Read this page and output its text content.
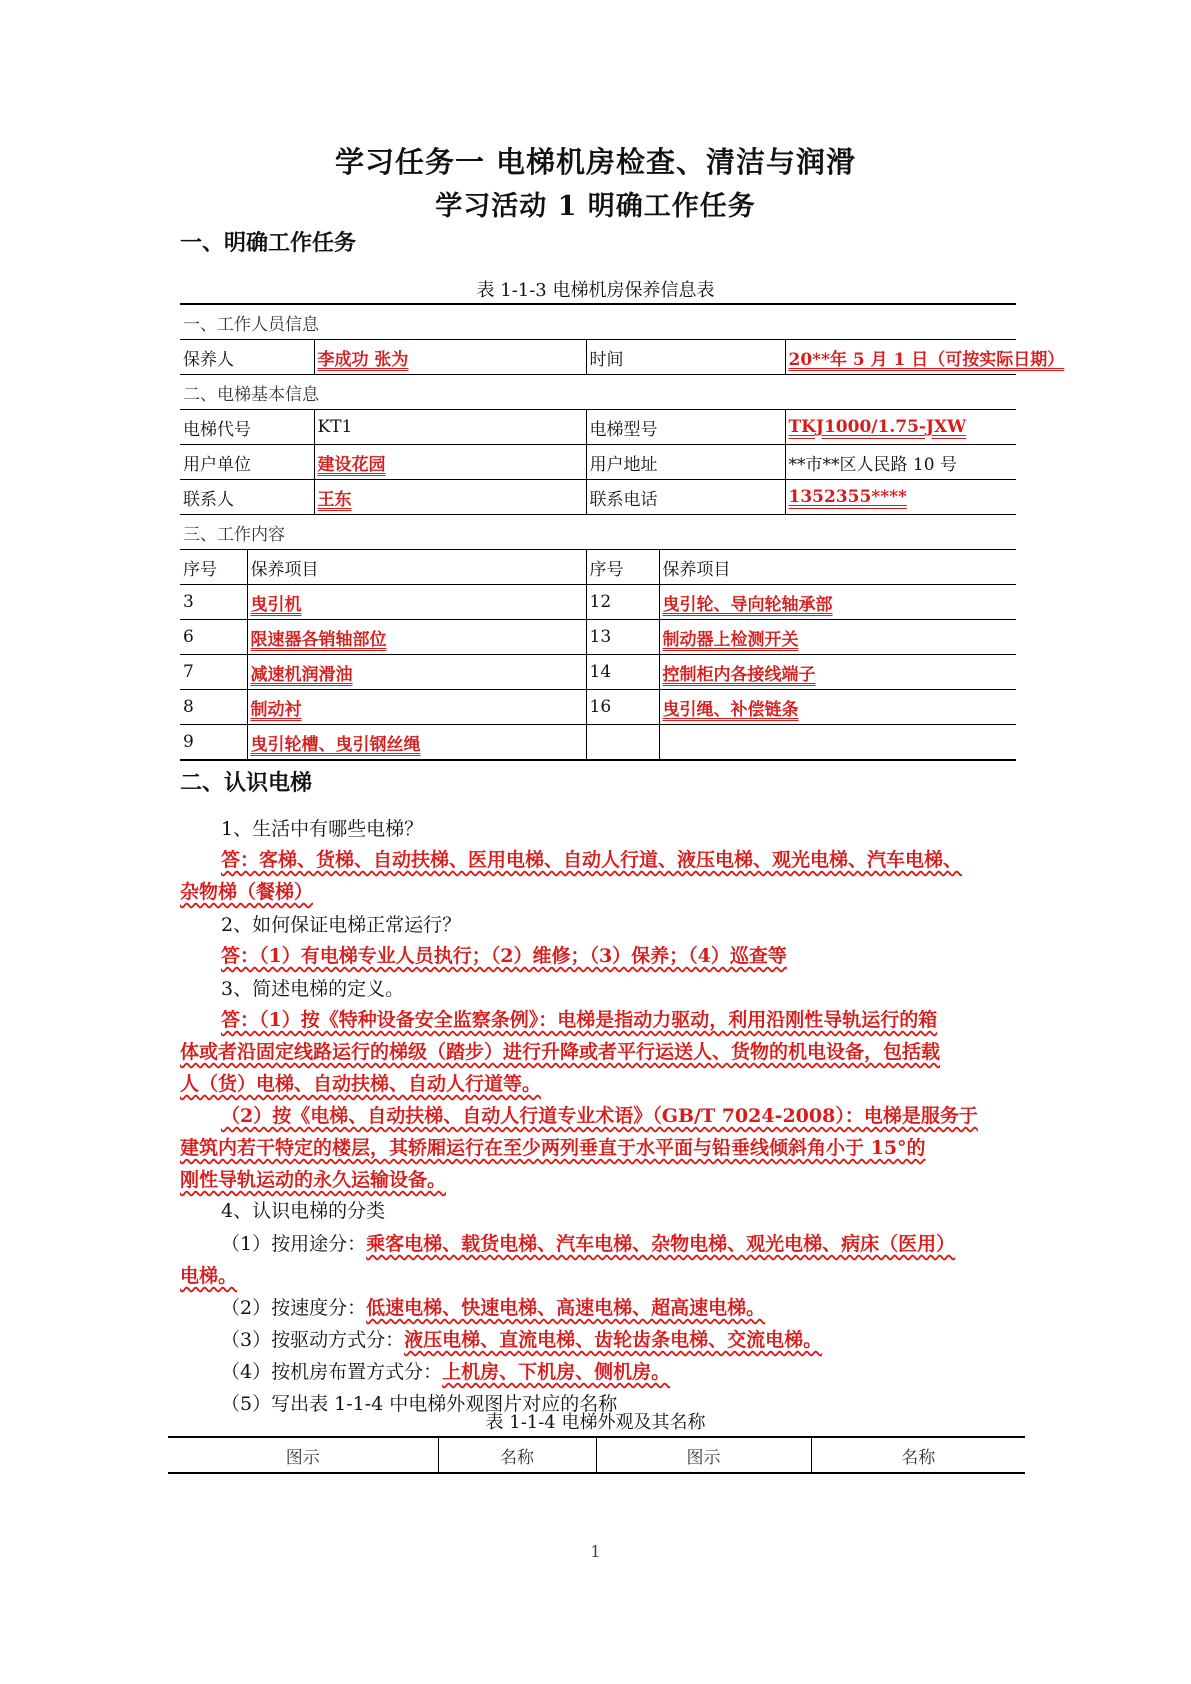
学习任务一 电梯机房检查、清洁与润滑
学习活动 1 明确工作任务
一、明确工作任务
表 1-1-3 电梯机房保养信息表
一、工作人员信息					
保养人		李成功 张为	时间		20**年 5 月 1 日（可按实际日期）
二、电梯基本信息					
电梯代号		KT1	电梯型号		TKJ1000/1.75-JXW
用户单位		建设花园	用户地址		**市**区人民路 10 号
联系人		王东	联系电话		1352355****
三、工作内容					
序号	保养项目		序号	保养项目	
3	曳引机		12	曳引轮、导向轮轴承部	
6	限速器各销轴部位		13	制动器上检测开关	
7	减速机润滑油		14	控制柜内各接线端子	
8	制动衬		16	曳引绳、补偿链条	
9	曳引轮槽、曳引钢丝绳				
二、认识电梯
1、生活中有哪些电梯？
答：客梯、货梯、自动扶梯、医用电梯、自动人行道、液压电梯、观光电梯、汽车电梯、
杂物梯（餐梯）
2、如何保证电梯正常运行？
答：（1）有电梯专业人员执行；（2）维修；（3）保养；（4）巡查等
3、简述电梯的定义。
答：（1）按《特种设备安全监察条例》：电梯是指动力驱动，利用沿刚性导轨运行的箱
体或者沿固定线路运行的梯级（踏步）进行升降或者平行运送人、货物的机电设备，包括载
人（货）电梯、自动扶梯、自动人行道等。
（2）按《电梯、自动扶梯、自动人行道专业术语》（GB/T 7024-2008）：电梯是服务于
建筑内若干特定的楼层，其轿厢运行在至少两列垂直于水平面与铅垂线倾斜角小于 15°的
刚性导轨运动的永久运输设备。
4、认识电梯的分类
（1）按用途分：乘客电梯、载货电梯、汽车电梯、杂物电梯、观光电梯、病床（医用）
电梯。
（2）按速度分：低速电梯、快速电梯、高速电梯、超高速电梯。
（3）按驱动方式分：液压电梯、直流电梯、齿轮齿条电梯、交流电梯。
（4）按机房布置方式分：上机房、下机房、侧机房。
（5）写出表 1-1-4 中电梯外观图片对应的名称
表 1-1-4 电梯外观及其名称
图示	名称	图示	名称
1
